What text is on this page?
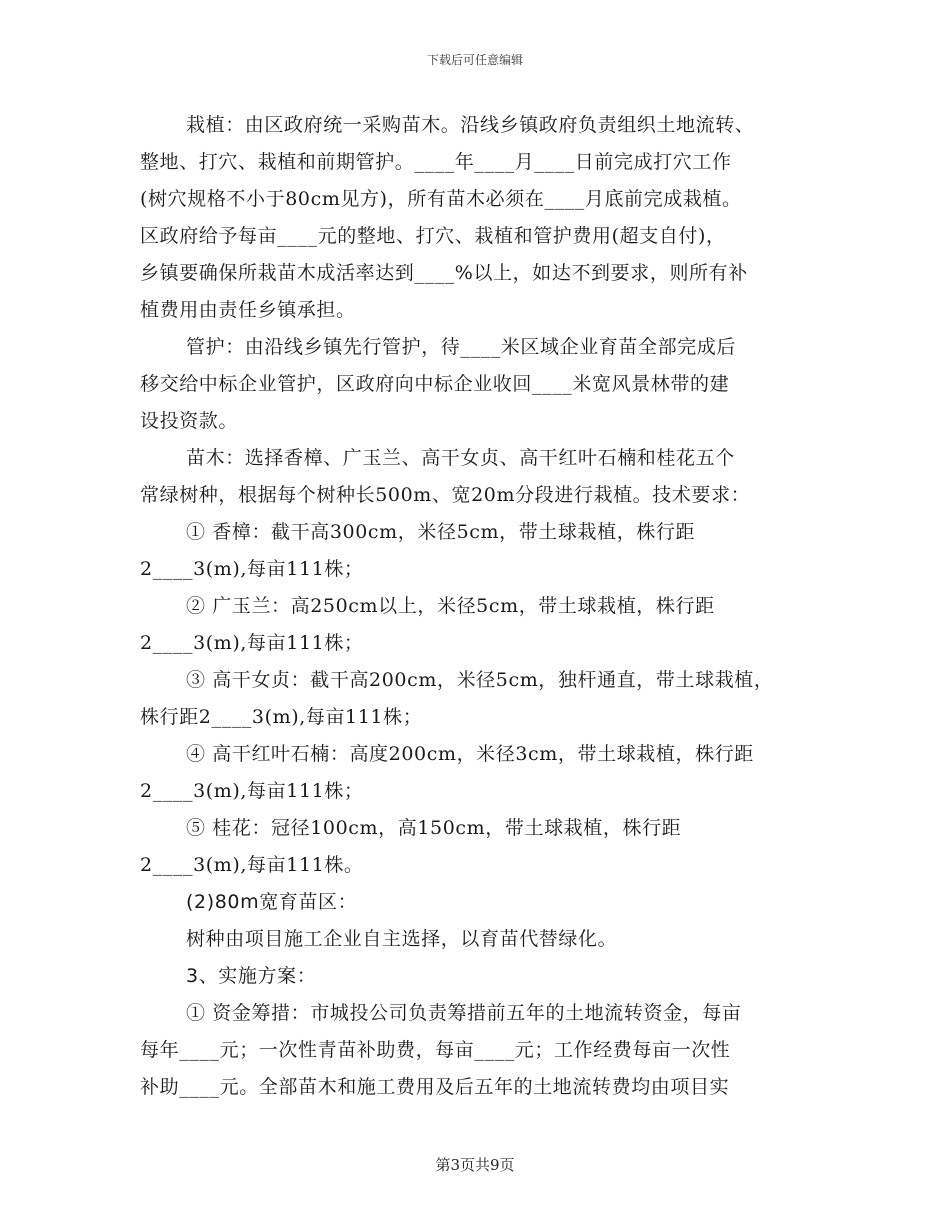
下载后可任意编辑
栽植：由区政府统一采购苗木。沿线乡镇政府负责组织土地流转、
整地、打穴、栽植和前期管护。____年____月____日前完成打穴工作
(树穴规格不小于80cm见方)，所有苗木必须在____月底前完成栽植。
区政府给予每亩____元的整地、打穴、栽植和管护费用(超支自付)，
乡镇要确保所栽苗木成活率达到____%以上，如达不到要求，则所有补
植费用由责任乡镇承担。
管护：由沿线乡镇先行管护，待____米区域企业育苗全部完成后
移交给中标企业管护，区政府向中标企业收回____米宽风景林带的建
设投资款。
苗木：选择香樟、广玉兰、高干女贞、高干红叶石楠和桂花五个
常绿树种，根据每个树种长500m、宽20m分段进行栽植。技术要求：
① 香樟：截干高300cm，米径5cm，带土球栽植，株行距
2____3(m),每亩111株；
② 广玉兰：高250cm以上，米径5cm，带土球栽植，株行距
2____3(m),每亩111株；
③ 高干女贞：截干高200cm，米径5cm，独杆通直，带土球栽植，
株行距2____3(m),每亩111株；
④ 高干红叶石楠：高度200cm，米径3cm，带土球栽植，株行距
2____3(m),每亩111株；
⑤ 桂花：冠径100cm，高150cm，带土球栽植，株行距
2____3(m),每亩111株。
(2)80m宽育苗区：
树种由项目施工企业自主选择，以育苗代替绿化。
3、实施方案：
① 资金筹措：市城投公司负责筹措前五年的土地流转资金，每亩
每年____元；一次性青苗补助费，每亩____元；工作经费每亩一次性
补助____元。全部苗木和施工费用及后五年的土地流转费均由项目实
第3页共9页
